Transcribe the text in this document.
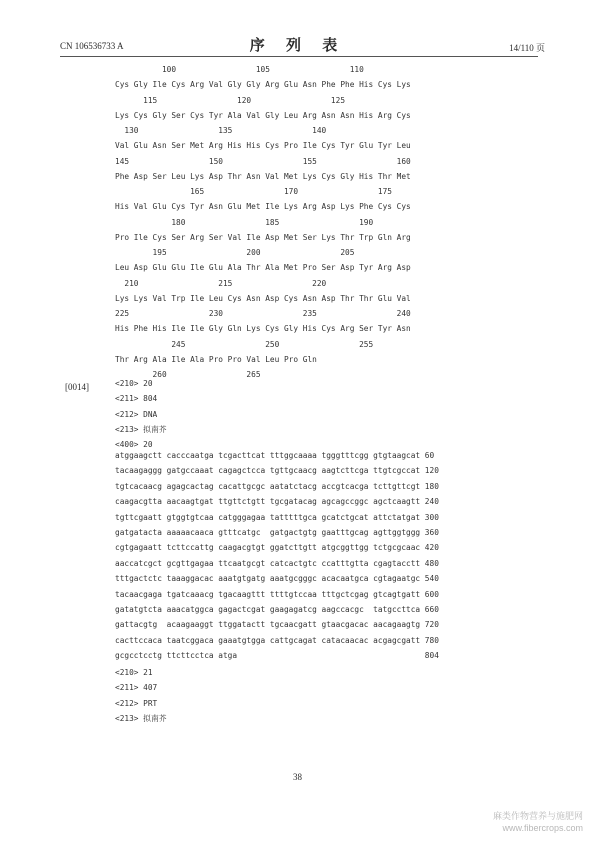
CN 106536733 A	序 列 表	14/110 页
100                 105                 110
Cys Gly Ile Cys Arg Val Gly Gly Arg Glu Asn Phe Phe His Cys Lys
115                 120                 125
Lys Cys Gly Ser Cys Tyr Ala Val Gly Leu Arg Asn Asn His Arg Cys
130                 135                 140
Val Glu Asn Ser Met Arg His His Cys Pro Ile Cys Tyr Glu Tyr Leu
145                 150                 155                 160
Phe Asp Ser Leu Lys Asp Thr Asn Val Met Lys Cys Gly His Thr Met
165                 170                 175
His Val Glu Cys Tyr Asn Glu Met Ile Lys Arg Asp Lys Phe Cys Cys
180                 185                 190
Pro Ile Cys Ser Arg Ser Val Ile Asp Met Ser Lys Thr Trp Gln Arg
195                 200                 205
Leu Asp Glu Glu Ile Glu Ala Thr Ala Met Pro Ser Asp Tyr Arg Asp
210                 215                 220
Lys Lys Val Trp Ile Leu Cys Asn Asp Cys Asn Asp Thr Thr Glu Val
225                 230                 235                 240
His Phe His Ile Ile Gly Gln Lys Cys Gly His Cys Arg Ser Tyr Asn
245                 250                 255
Thr Arg Ala Ile Ala Pro Pro Val Leu Pro Gln
260                 265
[0014]	<210> 20
<211> 804
<212> DNA
<213> 拟南芥
<400> 20
atggaagctt cacccaatga tcgacttcat tttggcaaaa tgggtttcgg gtgtaagcat 60
tacaagaggg gatgccaaat cagagctcca tgttgcaacg aagtcttcga ttgtcgccat 120
tgtcacaacg agagcactag cacattgcgc aatatctacg accgtcacga tcttgttcgt 180
caagacgtta aacaagtgat ttgttctgtt tgcgatacag agcagccggc agctcaagtt 240
tgttcgaatt gtggtgtcaa catgggagaa tatttttgca gcatctgcat attctatgat 300
gatgatacta aaaaacaaca gtttcatgc  gatgactgtg gaatttgcag agttggtggg 360
cgtgagaatt tcttccattg caagacgtgt ggatcttgtt atgcggttgg tctgcgcaac 420
aaccatcgct gcgttgagaa ttcaatgcgt catcactgtc ccatttgtta cgagtacctt 480
tttgactctc taaaggacac aaatgtgatg aaatgcgggc acacaatgca cgtagaatgc 540
tacaacgaga tgatcaaacg tgacaagttt ttttgtccaa tttgctcgag gtcagtgatt 600
gatatgtcta aaacatggca gagactcgat gaagagatcg aagccacgc  tatgccttca 660
gattacgtg  acaagaaggt ttggatactt tgcaacgatt gtaacgacac aacagaagtg 720
cacttccaca taatcggaca gaaatgtgga cattgcagat catacaacac acgagcgatt 780
gcgcctcctg ttcttcctca atga                                        804
<210> 21
<211> 407
<212> PRT
<213> 拟南芥
38
麻类作物营养与施肥网
www.fibercrops.com
